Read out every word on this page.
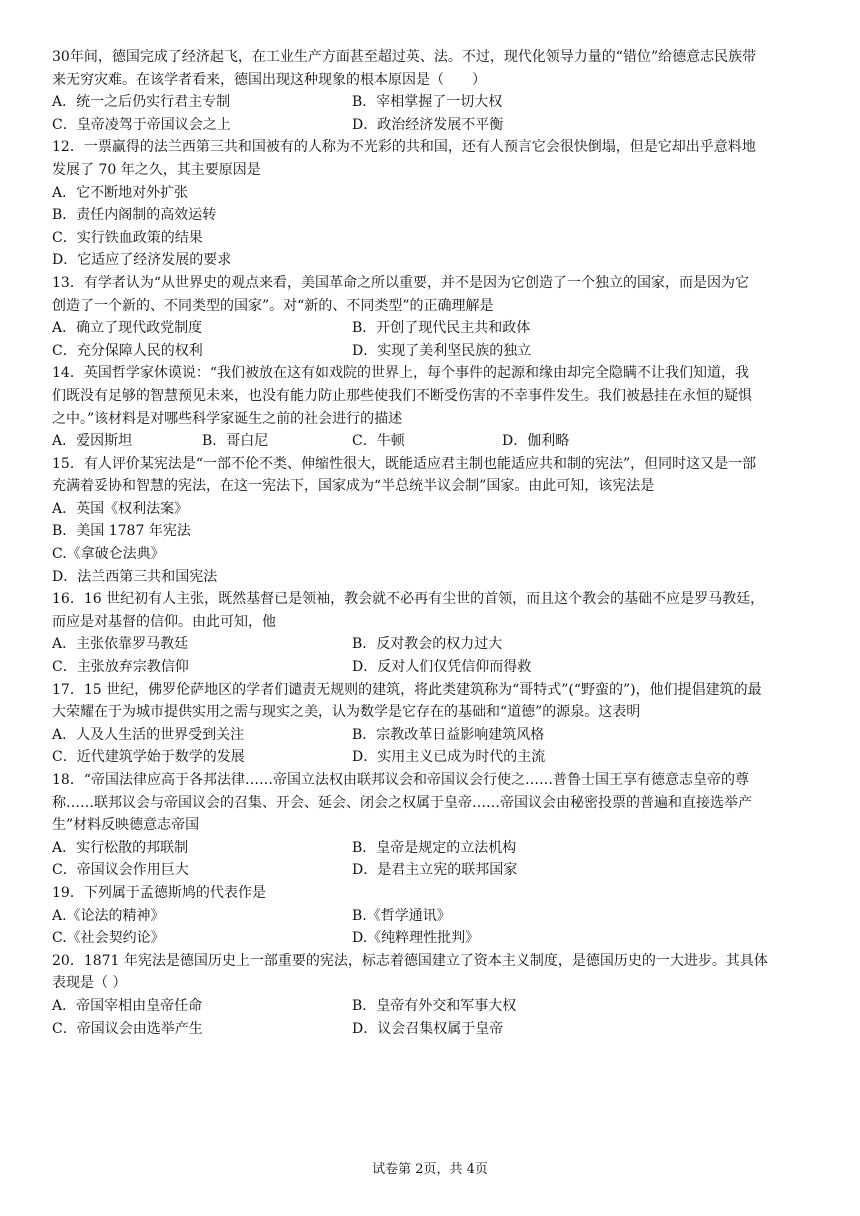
30年间，德国完成了经济起飞，在工业生产方面甚至超过英、法。不过，现代化领导力量的“错位”给德意志民族带

来无穷灾难。在该学者看来，德国出现这种现象的根本原因是（　　）

A．统一之后仍实行君主专制	B．宰相掌握了一切大权
C．皇帝凌驾于帝国议会之上	D．政治经济发展不平衡

12．一票赢得的法兰西第三共和国被有的人称为不光彩的共和国，还有人预言它会很快倒塌，但是它却出乎意料地

发展了 70 年之久，其主要原因是

A．它不断地对外扩张

B．责任内阁制的高效运转

C．实行铁血政策的结果

D．它适应了经济发展的要求

13．有学者认为“从世界史的观点来看，美国革命之所以重要，并不是因为它创造了一个独立的国家，而是因为它

创造了一个新的、不同类型的国家”。对“新的、不同类型”的正确理解是

A．确立了现代政党制度	B．开创了现代民主共和政体
C．充分保障人民的权利	D．实现了美利坚民族的独立

14．英国哲学家休谟说：“我们被放在这有如戏院的世界上，每个事件的起源和缘由却完全隐瞒不让我们知道，我

们既没有足够的智慧预见未来，也没有能力防止那些使我们不断受伤害的不幸事件发生。我们被悬挂在永恒的疑惧

之中。”该材料是对哪些科学家诞生之前的社会进行的描述

A．爱因斯坦	B．哥白尼	C．牛顿	D．伽利略

15．有人评价某宪法是“一部不伦不类、伸缩性很大，既能适应君主制也能适应共和制的宪法”，但同时这又是一部

充满着妥协和智慧的宪法，在这一宪法下，国家成为“半总统半议会制”国家。由此可知，该宪法是

A．英国《权利法案》

B．美国 1787 年宪法

C.《拿破仑法典》

D．法兰西第三共和国宪法

16．16 世纪初有人主张，既然基督已是领袖，教会就不必再有尘世的首领，而且这个教会的基础不应是罗马教廷，

而应是对基督的信仰。由此可知，他

A．主张依靠罗马教廷	B．反对教会的权力过大
C．主张放弃宗教信仰	D．反对人们仅凭信仰而得救

17．15 世纪，佛罗伦萨地区的学者们谴责无规则的建筑，将此类建筑称为“哥特式”(“野蛮的”)，他们提倡建筑的最

大荣耀在于为城市提供实用之需与现实之美，认为数学是它存在的基础和“道德”的源泉。这表明

A．人及人生活的世界受到关注	B．宗教改革日益影响建筑风格
C．近代建筑学始于数学的发展	D．实用主义已成为时代的主流

18．“帝国法律应高于各邦法律……帝国立法权由联邦议会和帝国议会行使之……普鲁士国王享有德意志皇帝的尊

称……联邦议会与帝国议会的召集、开会、延会、闭会之权属于皇帝……帝国议会由秘密投票的普遍和直接选举产

生”材料反映德意志帝国

A．实行松散的邦联制	B．皇帝是规定的立法机构
C．帝国议会作用巨大	D．是君主立宪的联邦国家

19．下列属于孟德斯鸠的代表作是

A.《论法的精神》	B.《哲学通讯》
C.《社会契约论》	D.《纯粹理性批判》

20．1871 年宪法是德国历史上一部重要的宪法，标志着德国建立了资本主义制度，是德国历史的一大进步。其具体

表现是（ ）

A．帝国宰相由皇帝任命	B．皇帝有外交和军事大权
C．帝国议会由选举产生	D．议会召集权属于皇帝
试卷第 2页，共 4页
